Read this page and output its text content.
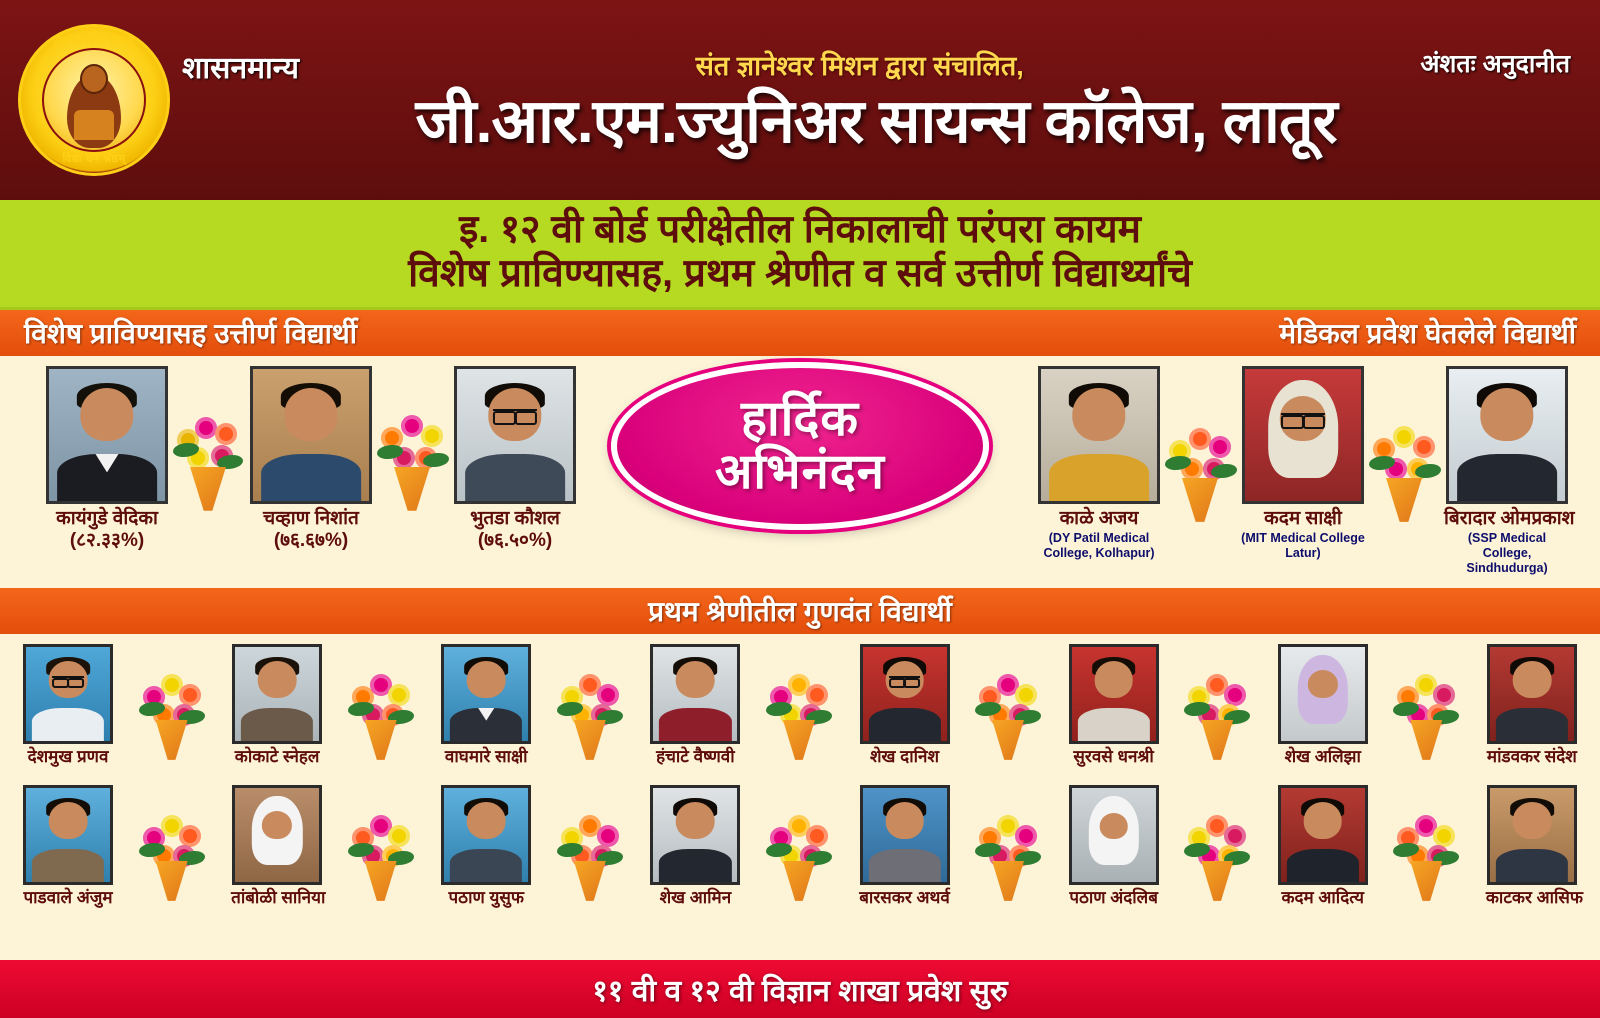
संत ज्ञानेश्वर मिशन
विद्या धन श्रेष्ठम्
शासनमान्य	संत ज्ञानेश्वर मिशन द्वारा संचालित,	अंशतः अनुदानीत
जी.आर.एम.ज्युनिअर सायन्स कॉलेज, लातूर
इ. १२ वी बोर्ड परीक्षेतील निकालाची परंपरा कायम
विशेष प्राविण्यासह, प्रथम श्रेणीत व सर्व उत्तीर्ण विद्यार्थ्यांचे
विशेष प्राविण्यासह उत्तीर्ण विद्यार्थी	मेडिकल प्रवेश घेतलेले विद्यार्थी
कायंगुडे वेदिका
(८२.३३%)
चव्हाण निशांत
(७६.६७%)
भुतडा कौशल
(७६.५०%)
हार्दिक
अभिनंदन
काळे अजय
(DY Patil Medical College, Kolhapur)
कदम साक्षी
(MIT Medical College Latur)
बिरादार ओमप्रकाश
(SSP Medical College, Sindhudurga)
प्रथम श्रेणीतील गुणवंत विद्यार्थी
देशमुख प्रणव	कोकाटे स्नेहल	वाघमारे साक्षी	हंचाटे वैष्णवी	शेख दानिश	सुरवसे धनश्री	शेख अलिझा	मांडवकर संदेश
पाडवाले अंजुम	तांबोळी सानिया	पठाण युसुफ	शेख आमिन	बारसकर अथर्व	पठाण अंदलिब	कदम आदित्य	काटकर आसिफ
११ वी व १२ वी विज्ञान शाखा प्रवेश सुरु
